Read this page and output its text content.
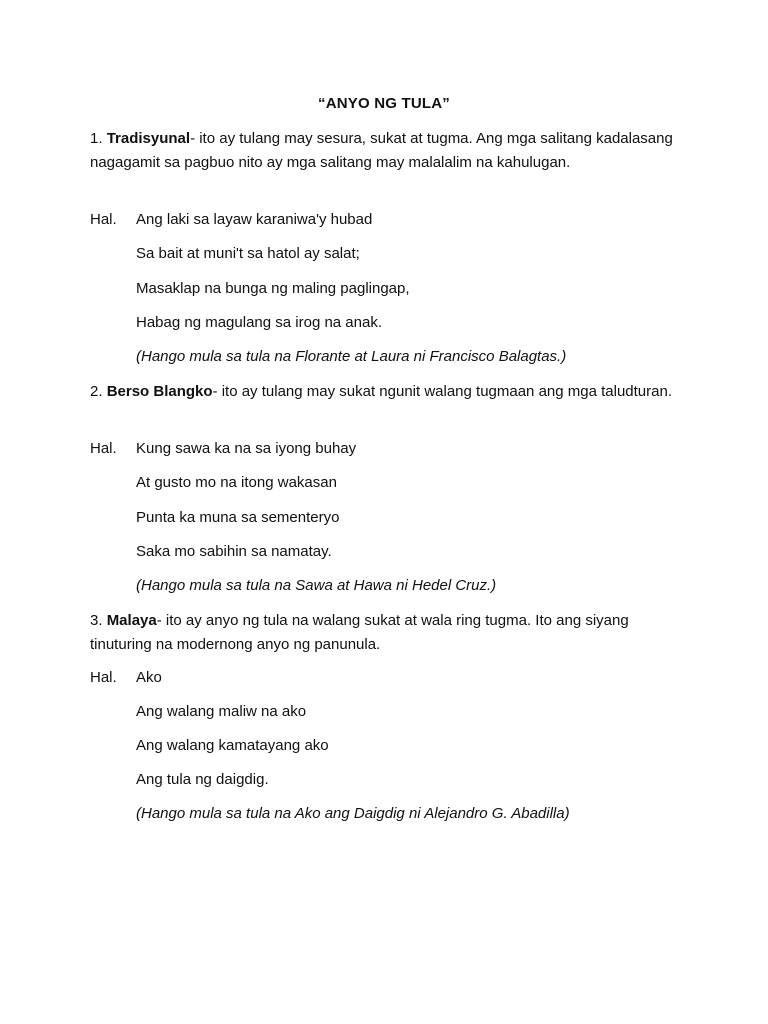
“ANYO NG TULA”
1. Tradisyunal- ito ay tulang may sesura, sukat at tugma. Ang mga salitang kadalasang nagagamit sa pagbuo nito ay mga salitang may malalalim na kahulugan.
Hal. Ang laki sa layaw karaniwa'y hubad
Sa bait at muni't sa hatol ay salat;
Masaklap na bunga ng maling paglingap,
Habag ng magulang sa irog na anak.
(Hango mula sa tula na Florante at Laura ni Francisco Balagtas.)
2. Berso Blangko- ito ay tulang may sukat ngunit walang tugmaan ang mga taludturan.
Hal. Kung sawa ka na sa iyong buhay
At gusto mo na itong wakasan
Punta ka muna sa sementeryo
Saka mo sabihin sa namatay.
(Hango mula sa tula na Sawa at Hawa ni Hedel Cruz.)
3. Malaya- ito ay anyo ng tula na walang sukat at wala ring tugma. Ito ang siyang tinuturing na modernong anyo ng panunula.
Hal. Ako
Ang walang maliw na ako
Ang walang kamatayang ako
Ang tula ng daigdig.
(Hango mula sa tula na Ako ang Daigdig ni Alejandro G. Abadilla)
